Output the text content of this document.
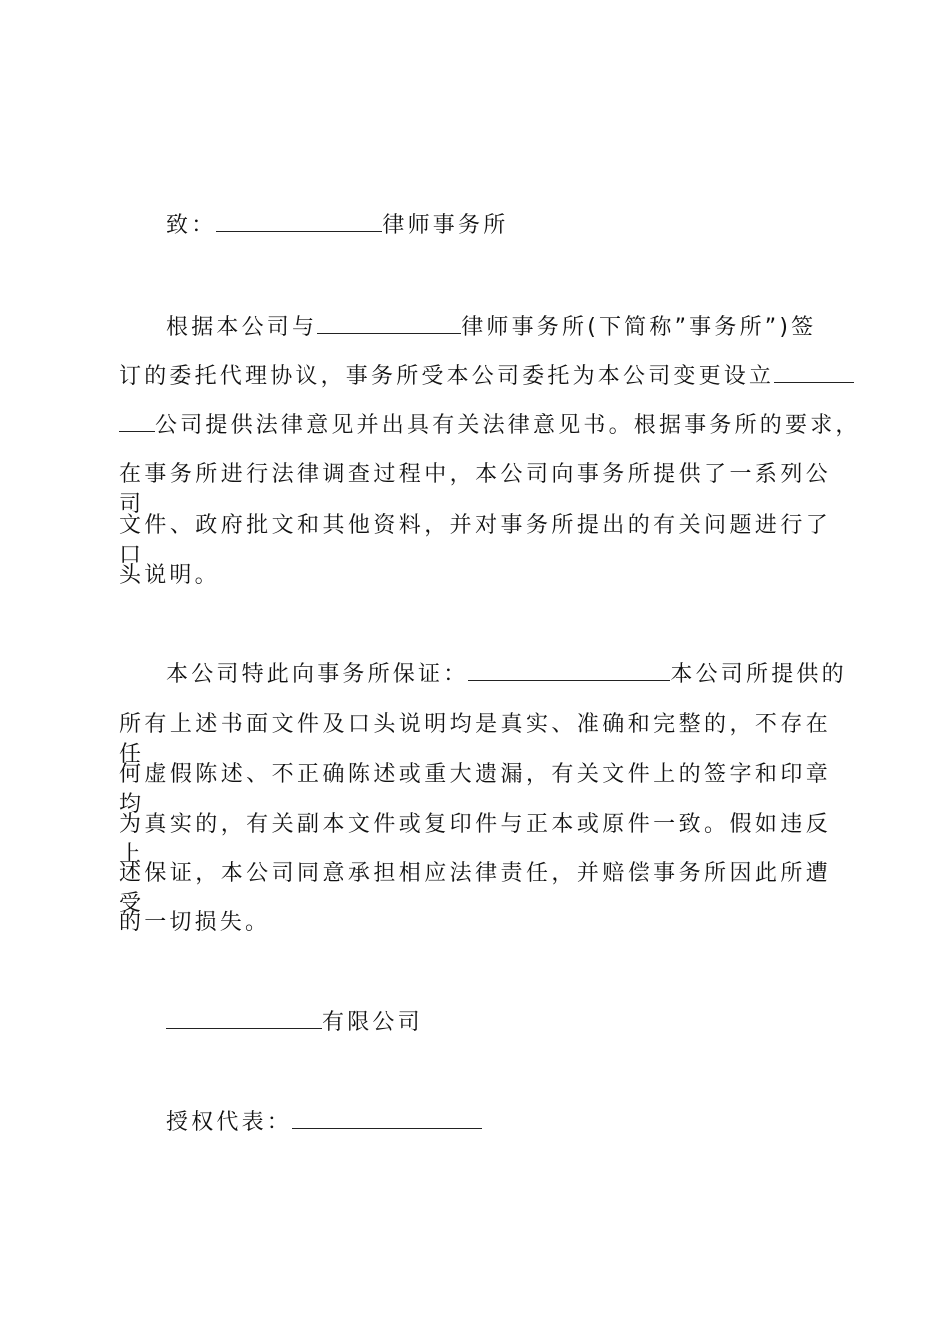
致：	律师事务所
根据本公司与	律师事务所(下简称”事务所”)签
订的委托代理协议，事务所受本公司委托为本公司变更设立
公司提供法律意见并出具有关法律意见书。根据事务所的要求，
在事务所进行法律调查过程中，本公司向事务所提供了一系列公司
文件、政府批文和其他资料，并对事务所提出的有关问题进行了口
头说明。
本公司特此向事务所保证：	本公司所提供的
所有上述书面文件及口头说明均是真实、准确和完整的，不存在任
何虚假陈述、不正确陈述或重大遗漏，有关文件上的签字和印章均
为真实的，有关副本文件或复印件与正本或原件一致。假如违反上
述保证，本公司同意承担相应法律责任，并赔偿事务所因此所遭受
的一切损失。
有限公司
授权代表：
